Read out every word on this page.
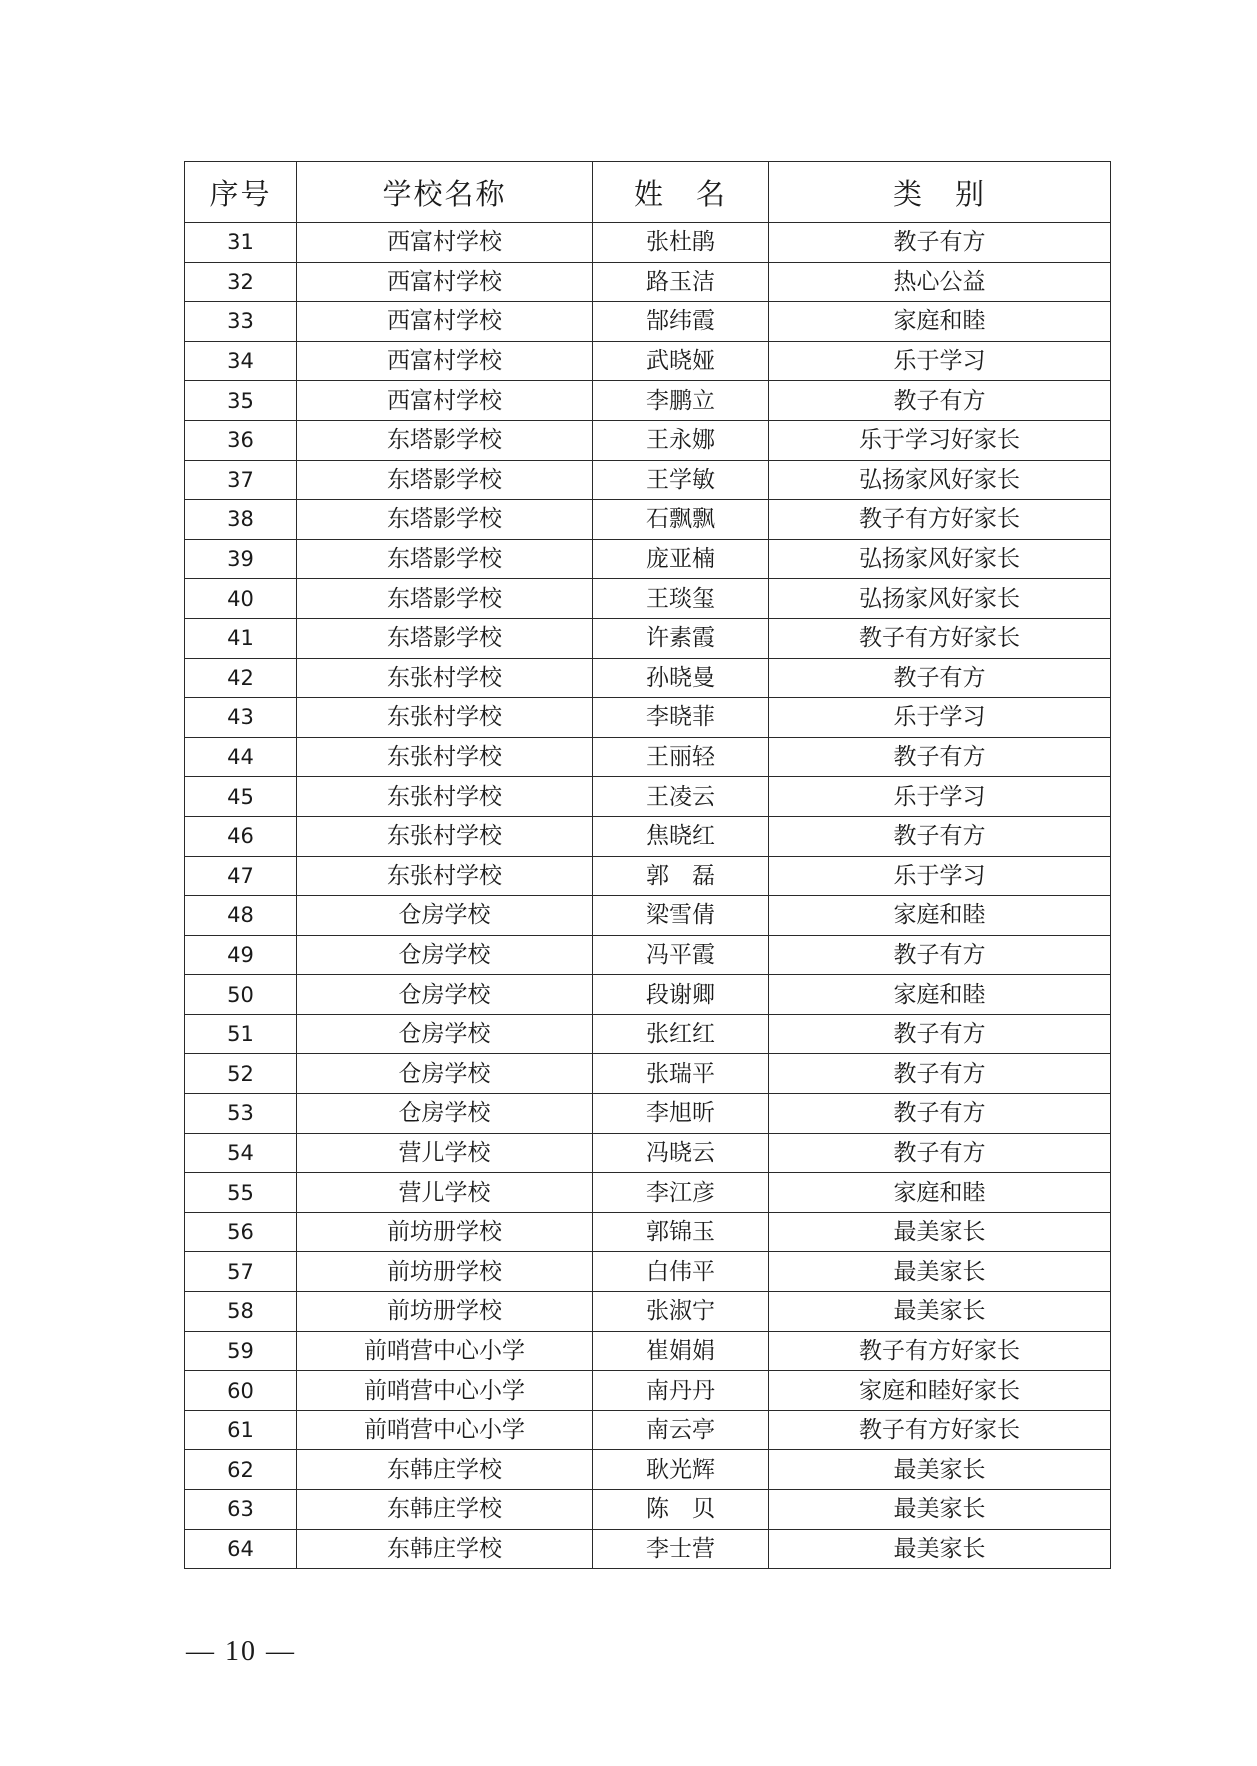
序号	学校名称	姓　名	类　别
31	西富村学校	张杜鹃	教子有方
32	西富村学校	路玉洁	热心公益
33	西富村学校	郜纬霞	家庭和睦
34	西富村学校	武晓娅	乐于学习
35	西富村学校	李鹏立	教子有方
36	东塔影学校	王永娜	乐于学习好家长
37	东塔影学校	王学敏	弘扬家风好家长
38	东塔影学校	石飘飘	教子有方好家长
39	东塔影学校	庞亚楠	弘扬家风好家长
40	东塔影学校	王琰玺	弘扬家风好家长
41	东塔影学校	许素霞	教子有方好家长
42	东张村学校	孙晓曼	教子有方
43	东张村学校	李晓菲	乐于学习
44	东张村学校	王丽轻	教子有方
45	东张村学校	王凌云	乐于学习
46	东张村学校	焦晓红	教子有方
47	东张村学校	郭　磊	乐于学习
48	仓房学校	梁雪倩	家庭和睦
49	仓房学校	冯平霞	教子有方
50	仓房学校	段谢卿	家庭和睦
51	仓房学校	张红红	教子有方
52	仓房学校	张瑞平	教子有方
53	仓房学校	李旭昕	教子有方
54	营儿学校	冯晓云	教子有方
55	营儿学校	李江彦	家庭和睦
56	前坊册学校	郭锦玉	最美家长
57	前坊册学校	白伟平	最美家长
58	前坊册学校	张淑宁	最美家长
59	前哨营中心小学	崔娟娟	教子有方好家长
60	前哨营中心小学	南丹丹	家庭和睦好家长
61	前哨营中心小学	南云亭	教子有方好家长
62	东韩庄学校	耿光辉	最美家长
63	东韩庄学校	陈　贝	最美家长
64	东韩庄学校	李士营	最美家长
— 10 —
